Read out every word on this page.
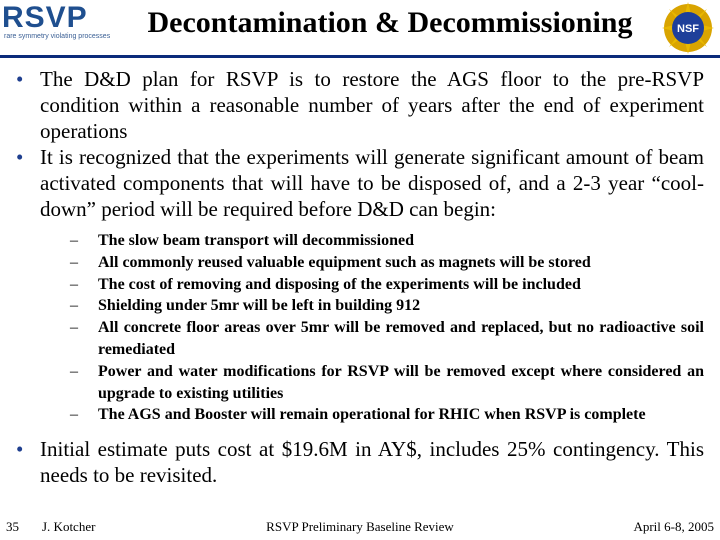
RSVP
rare symmetry violating processes	Decontamination & Decommissioning	NSF
• The D&D plan for RSVP is to restore the AGS floor to the pre-RSVP condition within a reasonable number of years after the end of experiment operations
• It is recognized that the experiments will generate significant amount of beam activated components that will have to be disposed of, and a 2-3 year “cool-down” period will be required before D&D can begin:
– The slow beam transport will decommissioned
– All commonly reused valuable equipment such as magnets will be stored
– The cost of removing and disposing of the experiments will be included
– Shielding under 5mr will be left in building 912
– All concrete floor areas over 5mr will be removed and replaced, but no radioactive soil remediated
– Power and water modifications for RSVP will be removed except where considered an upgrade to existing utilities
– The AGS and Booster will remain operational for RHIC when RSVP is complete
• Initial estimate puts cost at $19.6M in AY$, includes 25% contingency. This needs to be revisited.
35 J. Kotcher	RSVP Preliminary Baseline Review	April 6-8, 2005
